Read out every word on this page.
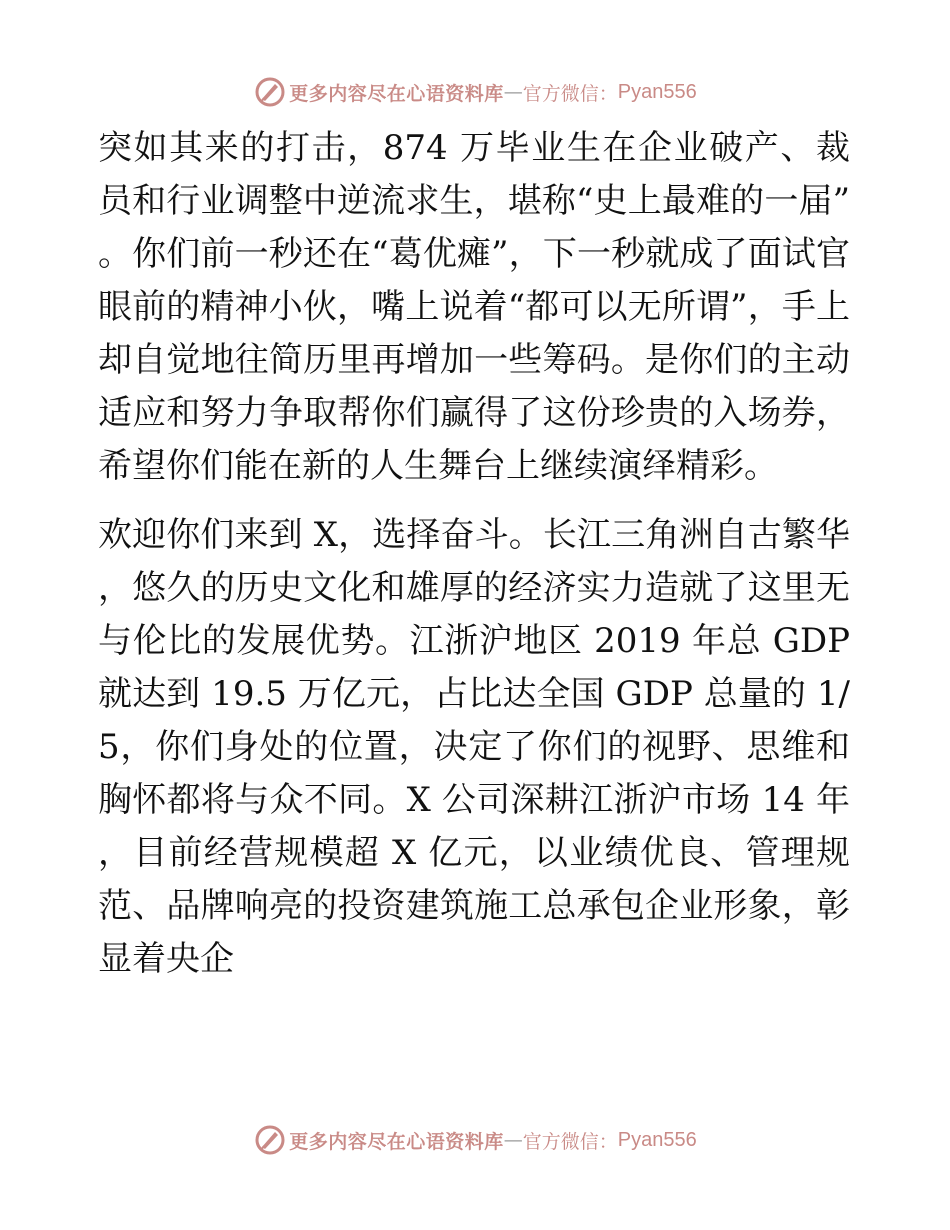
更多内容尽在心语资料库 — 官方微信： Pyan556

突如其来的打击，874 万毕业生在企业破产、裁员和行业调整中逆流求生，堪称“史上最难的一届”。你们前一秒还在“葛优瘫”，下一秒就成了面试官眼前的精神小伙，嘴上说着“都可以无所谓”，手上却自觉地往简历里再增加一些筹码。是你们的主动适应和努力争取帮你们赢得了这份珍贵的入场券，希望你们能在新的人生舞台上继续演绎精彩。

欢迎你们来到 X，选择奋斗。长江三角洲自古繁华，悠久的历史文化和雄厚的经济实力造就了这里无与伦比的发展优势。江浙沪地区 2019 年总 GDP 就达到 19.5 万亿元，占比达全国 GDP 总量的 1/5，你们身处的位置，决定了你们的视野、思维和胸怀都将与众不同。X 公司深耕江浙沪市场 14 年，目前经营规模超 X 亿元，以业绩优良、管理规范、品牌响亮的投资建筑施工总承包企业形象，彰显着央企

更多内容尽在心语资料库 — 官方微信： Pyan556
